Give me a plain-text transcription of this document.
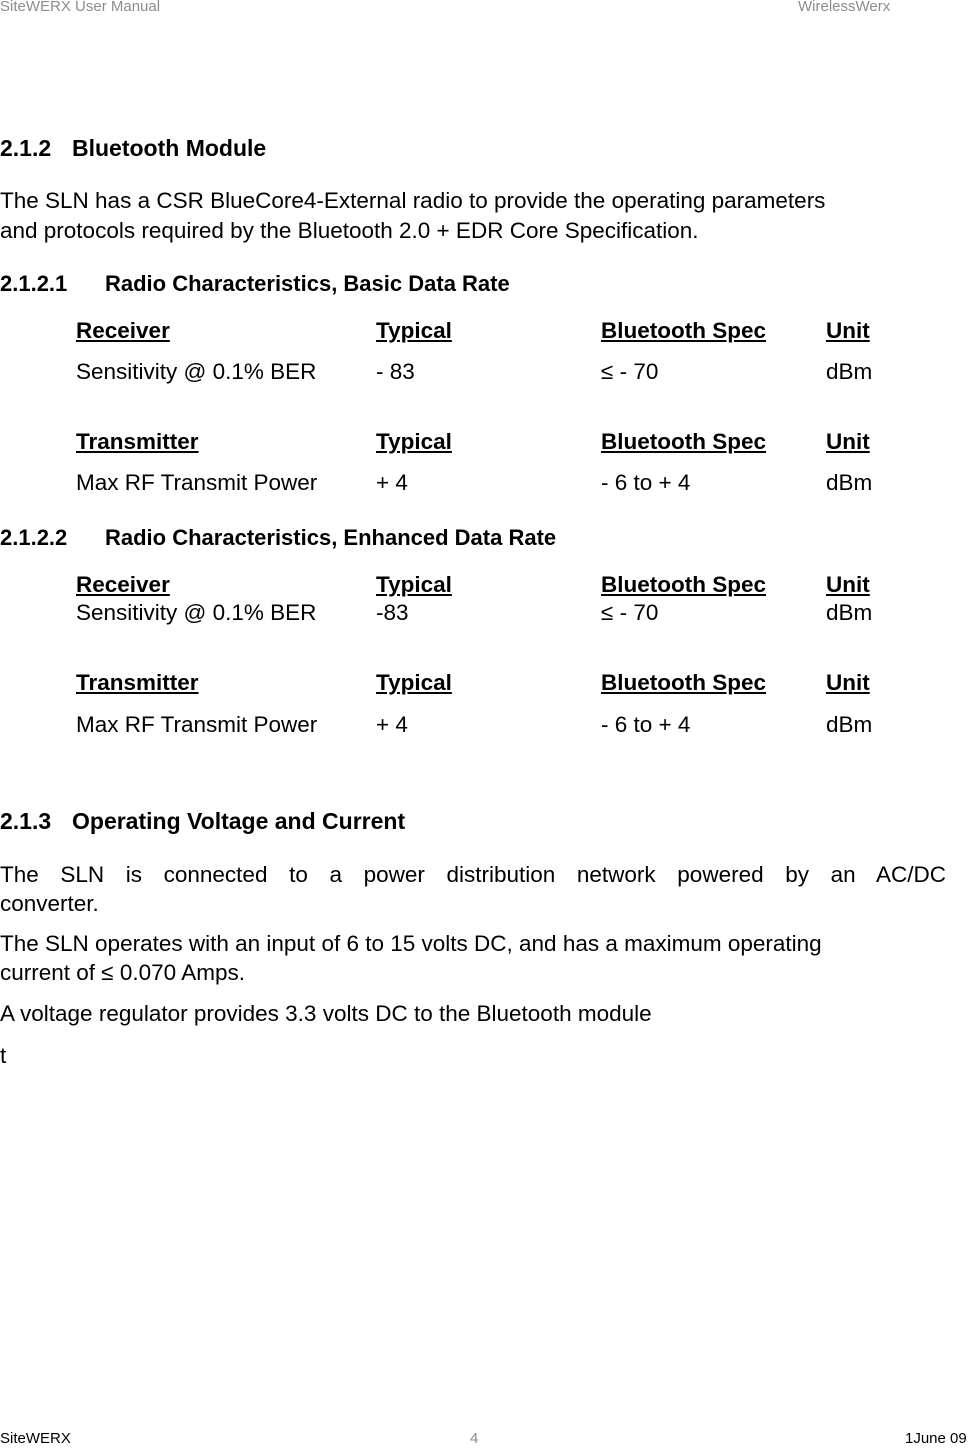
SiteWERX User Manual	WirelessWerx
2.1.2 Bluetooth Module
The SLN has a CSR BlueCore4-External radio to provide the operating parameters
and protocols required by the Bluetooth 2.0 + EDR Core Specification.
2.1.2.1 Radio Characteristics, Basic Data Rate
Receiver	Typical	Bluetooth Spec	Unit
Sensitivity @ 0.1% BER	- 83	≤ - 70	dBm
Transmitter	Typical	Bluetooth Spec	Unit
Max RF Transmit Power	+ 4	- 6 to + 4	dBm
2.1.2.2 Radio Characteristics, Enhanced Data Rate
Receiver	Typical	Bluetooth Spec	Unit
Sensitivity @ 0.1% BER	-83	≤ - 70	dBm
Transmitter	Typical	Bluetooth Spec	Unit
Max RF Transmit Power	+ 4	- 6 to + 4	dBm
2.1.3 Operating Voltage and Current
The SLN is connected to a power distribution network powered by an AC/DC
converter.
The SLN operates with an input of 6 to 15 volts DC, and has a maximum operating
current of ≤ 0.070 Amps.
A voltage regulator provides 3.3 volts DC to the Bluetooth module
t
SiteWERX	4	1June 09
